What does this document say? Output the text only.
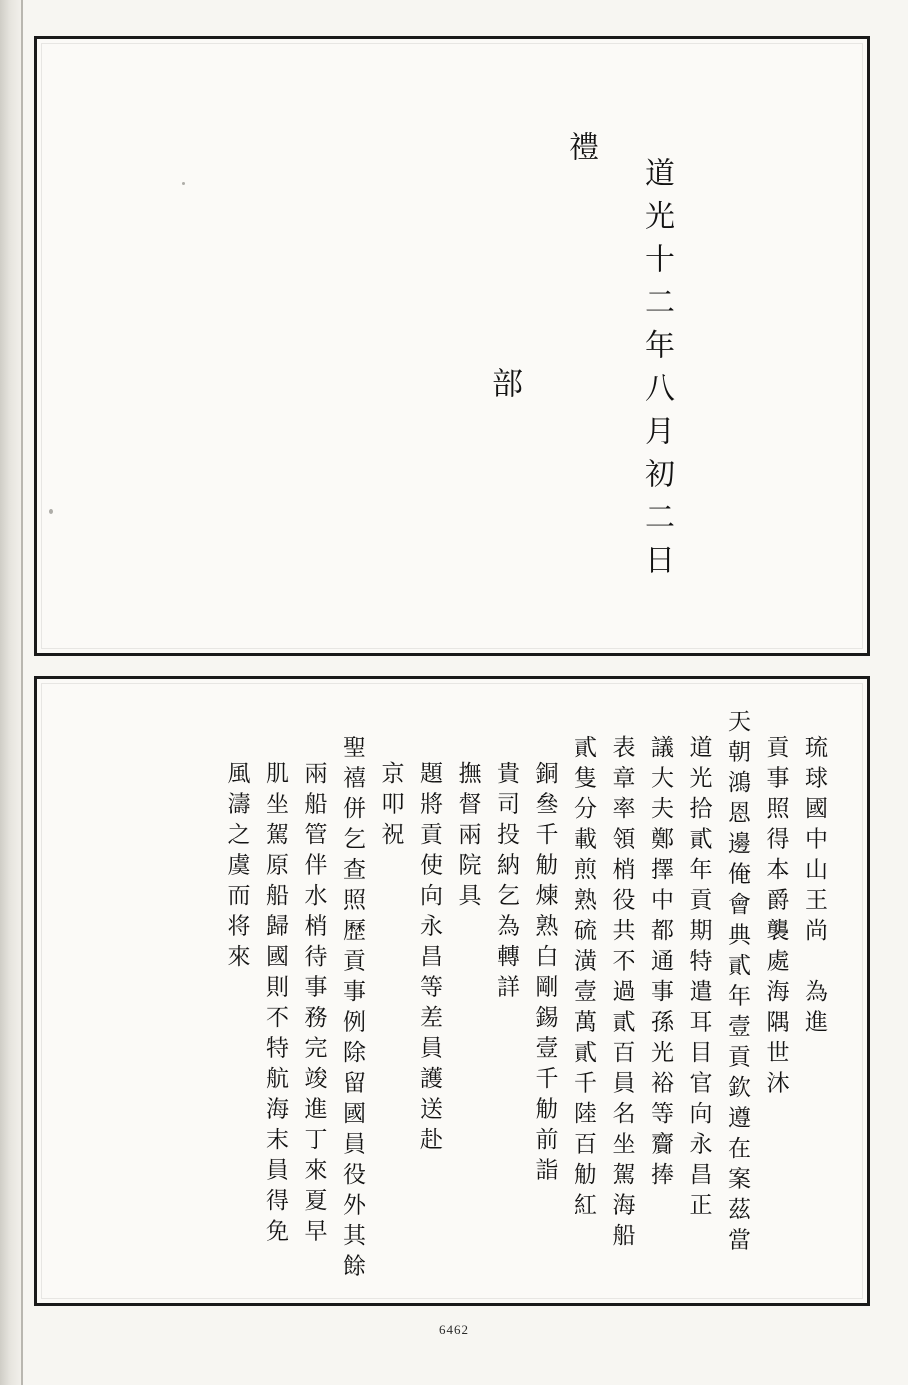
道光十二年八月初二日
禮
部
琉球國中山王尚　為進
貢事照得本爵襲處海隅世沐
天朝鴻恩邊俺會典貳年壹貢欽遵在案茲當
道光拾貳年貢期特遣耳目官向永昌正
議大夫鄭擇中都通事孫光裕等齎捧
表章率領梢役共不過貳百員名坐駕海船
貳隻分載煎熟硫潢壹萬貳千陸百觔紅
銅叄千觔煉熟白剛錫壹千觔前詣
貴司投納乞為轉詳
撫督兩院具
題將貢使向永昌等差員護送赴
京叩祝
聖禧併乞查照歷貢事例除留國員役外其餘
兩船管伴水梢待事務完竣進丁來夏早
肌坐駕原船歸國則不特航海末員得免
風濤之虞而将來
6462
